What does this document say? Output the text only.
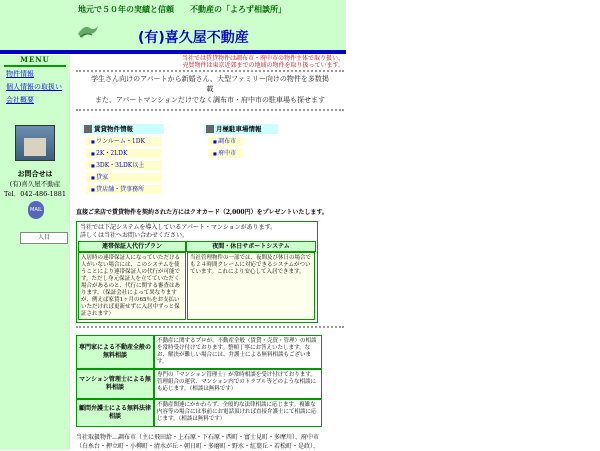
地元で５０年の実績と信頼　　不動産の「よろず相談所」
(有)喜久屋不動産
MENU
物件情報
個人情報の取扱い
会社概要
お問合せは
(有)喜久屋不動産
Tel．042-486-1881
MAIL
人目
当社では賃貸物件は調布市・府中市の物件主体で取り扱い、
売買物件は東京近郊までの地域の物件を取り扱っています。
学生さん向けのアパートから新婚さん、大型ファミリー向けの物件を多数掲
載
また、アパートマンションだけでなく調布市・府中市の駐車場も探せます
賃貸物件情報
■ ワンルーム・1DK
■ 2K・2LDK
■ 3DK・3LDK以上
■ 貸家
■ 貸店舗・貸事務所
月極駐車場情報
■ 調布市
■ 府中市
直接ご来店で賃貸物件を契約された方にはクオカード（2,000円）をプレゼントいたします。
当社では下記システムを導入しているアパート・マンションがあります。
詳しくは当社へお問い合わせください。
連帯保証人代行プラン	夜間・休日サポートシステム
入居時の連帯保証人になっていただける人がいない場合には、このシステムを使うことにより連帯保証人の代行が可能です。ただし身元保証人を立てていただく場合があるのと、代行に関する審査はあります。（保証会社によって異なりますが、例えば家賃1ヶ月の65％をお支払いいただければ更新せずに入居中ずっと保証されます）
当社管理物件の一部では、夜間及び休日の場合でも２４時間クレームに対応できるシステムがついています。これにより安心して入居できます。
専門家による不動産全般の無料相談
不動産に関するプロが、不動産全般（賃貸・売買・管理）の相談を常時受け付けております。整頓丁寧にお答えいたします。なお、解決が難しい場合には、弁護士による無料相談もございます。
マンション管理士による無料相談
専門の「マンション管理士」が常時相談を受け付けております。管理組合の運営、マンション内でのトラブル等どのような相談にも応じます。（相談は無料です）
顧問弁護士による無料法律相談
不動産関連にかかわらず、全般的な法律相談に応じます。複雑な内容等の場合には事前にお電話頂ければ直接弁護士にて相談に応じます。（相談は無料です）
当社取扱物件…調布市（主に飛田給・上石原・下石原・西町・富士見町・多摩川）、府中市
（白糸台・押立町・小柳町・清水が丘・朝日町・多磨町・野水・紅葉丘・若松町・是政）、
